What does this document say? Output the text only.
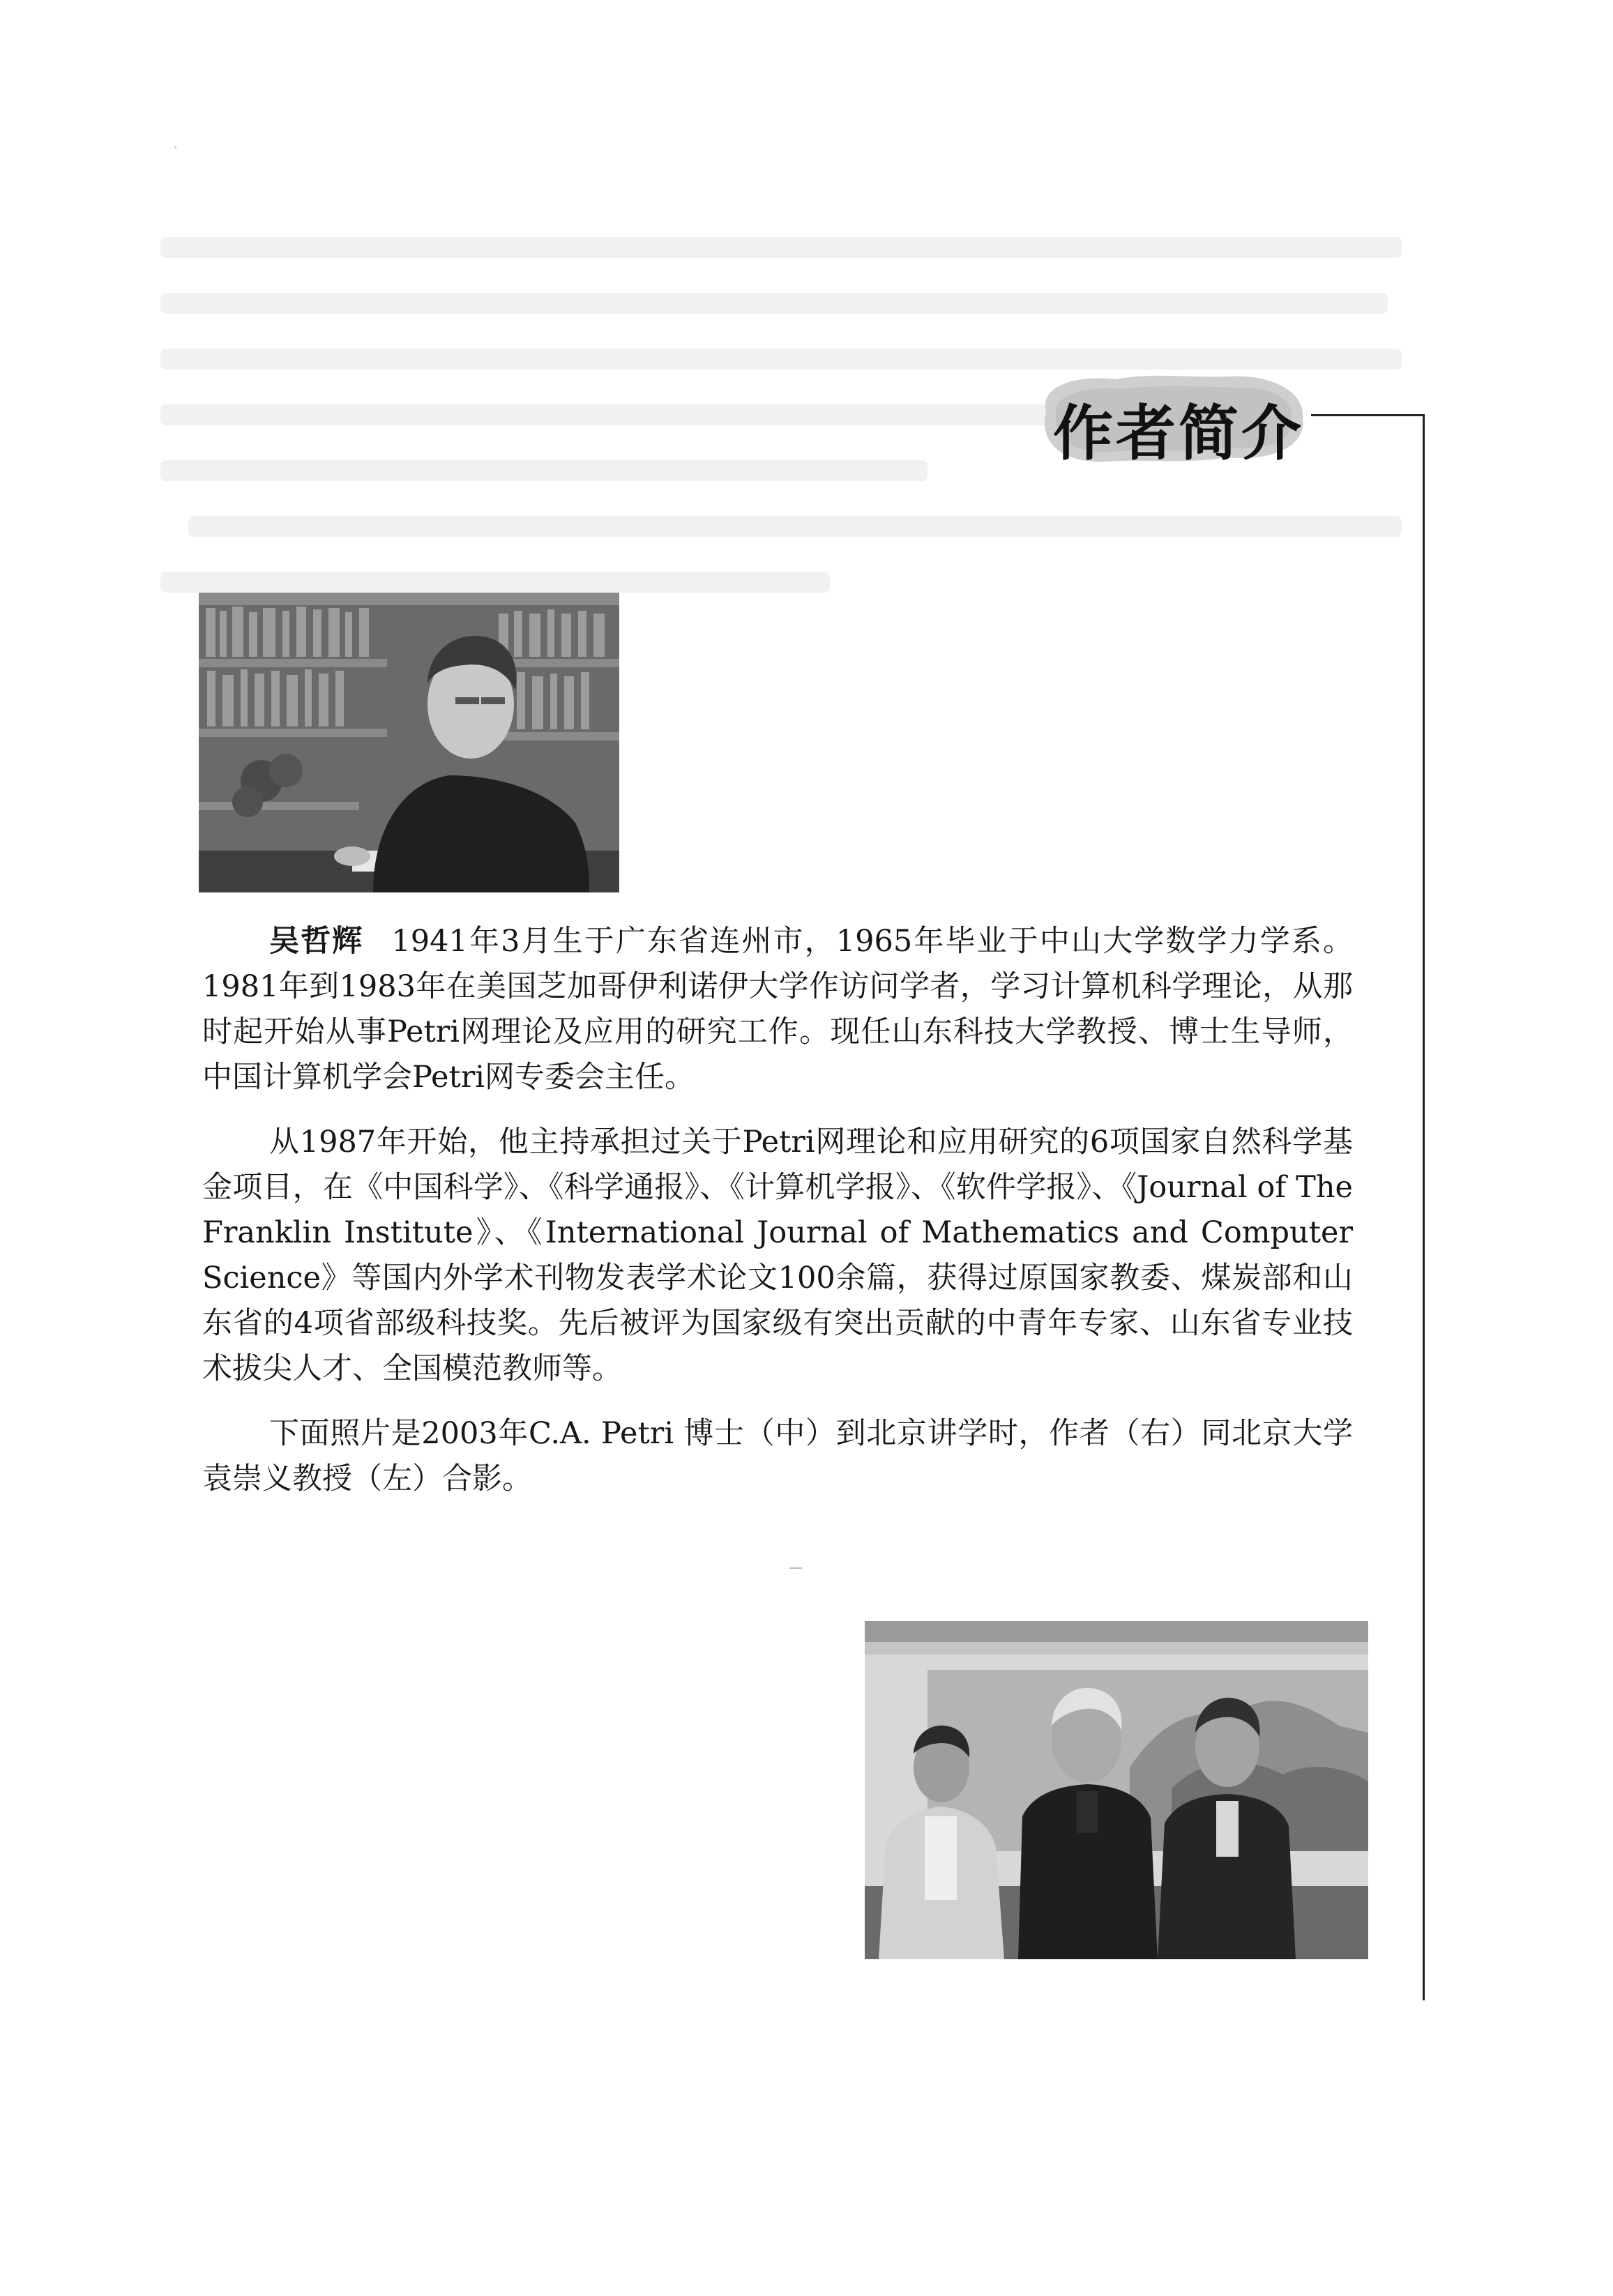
作者简介

吴哲辉 1941年3月生于广东省连州市，1965年毕业于中山大学数学力学系。1981年到1983年在美国芝加哥伊利诺伊大学作访问学者，学习计算机科学理论，从那时起开始从事Petri网理论及应用的研究工作。现任山东科技大学教授、博士生导师，中国计算机学会Petri网专委会主任。

从1987年开始，他主持承担过关于Petri网理论和应用研究的6项国家自然科学基金项目，在《中国科学》、《科学通报》、《计算机学报》、《软件学报》、《Journal of The Franklin Institute》、《International Journal of Mathematics and Computer Science》等国内外学术刊物发表学术论文100余篇，获得过原国家教委、煤炭部和山东省的4项省部级科技奖。先后被评为国家级有突出贡献的中青年专家、山东省专业技术拔尖人才、全国模范教师等。

下面照片是2003年C.A. Petri 博士（中）到北京讲学时，作者（右）同北京大学袁崇义教授（左）合影。
